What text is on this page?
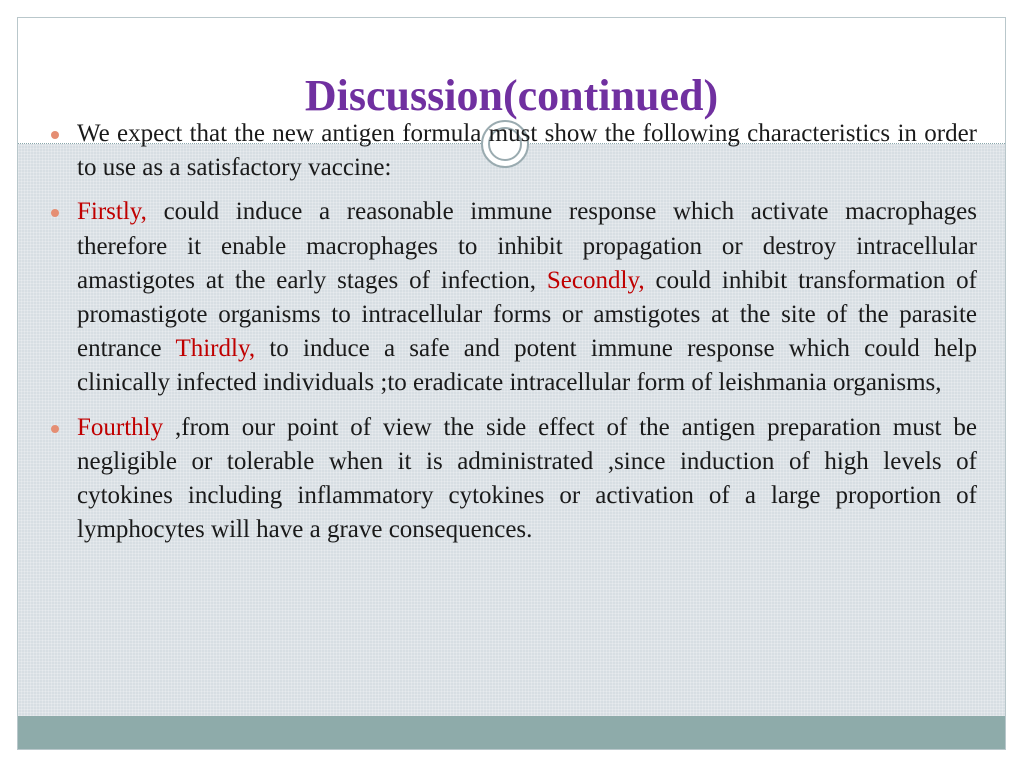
Discussion(continued)
We expect that the new antigen formula must show the following characteristics in order to use as a satisfactory vaccine:
Firstly, could induce a reasonable immune response which activate macrophages therefore it enable macrophages to inhibit propagation or destroy intracellular amastigotes at the early stages of infection, Secondly, could inhibit transformation of promastigote organisms to intracellular forms or amstigotes at the site of the parasite entrance Thirdly, to induce a safe and potent immune response which could help clinically infected individuals ;to eradicate intracellular form of leishmania organisms,
Fourthly ,from our point of view the side effect of the antigen preparation must be negligible or tolerable when it is administrated ,since induction of high levels of cytokines including inflammatory cytokines or activation of a large proportion of lymphocytes will have a grave consequences.
